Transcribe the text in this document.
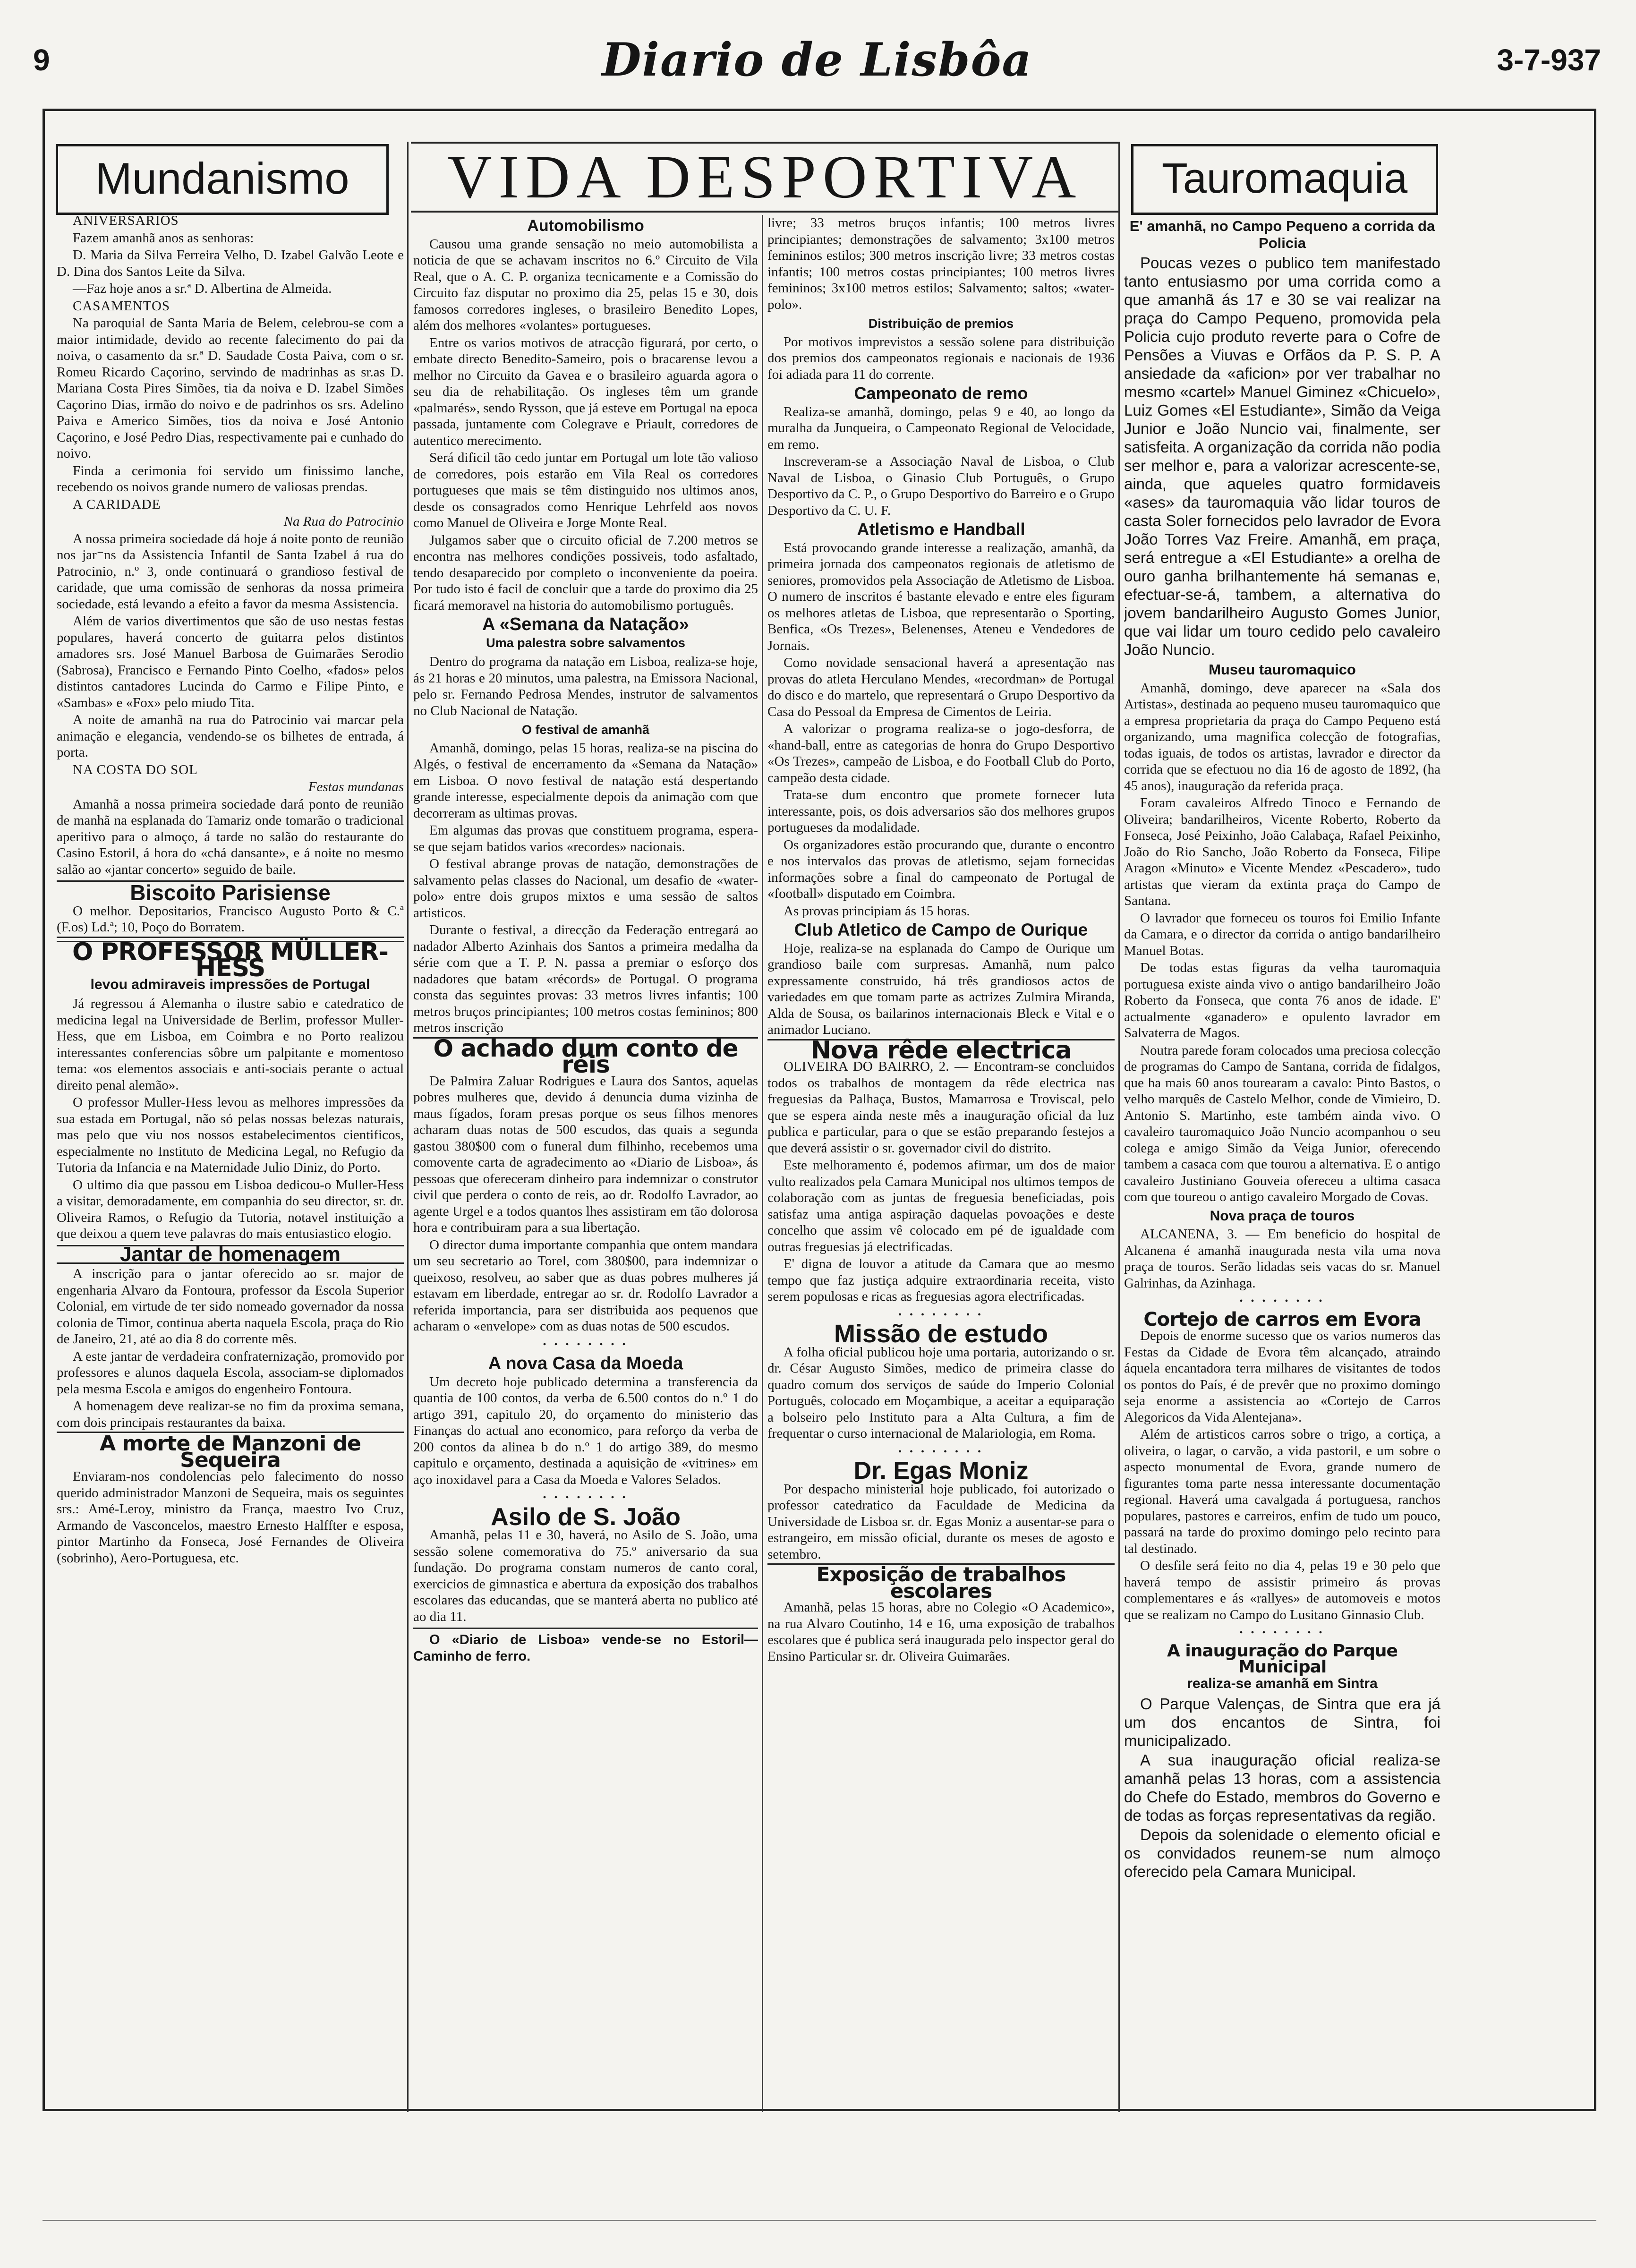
9	Diario de Lisbôa	3-7-937
Mundanismo	VIDA DESPORTIVA	Tauromaquia

ANIVERSARIOS

Fazem amanhã anos as senhoras:

D. Maria da Silva Ferreira Velho, D. Izabel Galvão Leote e D. Dina dos Santos Leite da Silva.

—Faz hoje anos a sr.ª D. Albertina de Almeida.

CASAMENTOS

Na paroquial de Santa Maria de Belem, celebrou-se com a maior intimidade, devido ao recente falecimento do pai da noiva, o casamento da sr.ª D. Saudade Costa Paiva, com o sr. Romeu Ricardo Caçorino, servindo de madrinhas as sr.as D. Mariana Costa Pires Simões, tia da noiva e D. Izabel Simões Caçorino Dias, irmão do noivo e de padrinhos os srs. Adelino Paiva e Americo Simões, tios da noiva e José Antonio Caçorino, e José Pedro Dias, respectivamente pai e cunhado do noivo.

Finda a cerimonia foi servido um finissimo lanche, recebendo os noivos grande numero de valiosas prendas.

A CARIDADE

Na Rua do Patrocinio

A nossa primeira sociedade dá hoje á noite ponto de reunião nos jar⁻ns da Assistencia Infantil de Santa Izabel á rua do Patrocinio, n.º 3, onde continuará o grandioso festival de caridade, que uma comissão de senhoras da nossa primeira sociedade, está levando a efeito a favor da mesma Assistencia.

Além de varios divertimentos que são de uso nestas festas populares, haverá concerto de guitarra pelos distintos amadores srs. José Manuel Barbosa de Guimarães Serodio (Sabrosa), Francisco e Fernando Pinto Coelho, «fados» pelos distintos cantadores Lucinda do Carmo e Filipe Pinto, e «Sambas» e «Fox» pelo miudo Tita.

A noite de amanhã na rua do Patrocinio vai marcar pela animação e elegancia, vendendo-se os bilhetes de entrada, á porta.

NA COSTA DO SOL

Festas mundanas

Amanhã a nossa primeira sociedade dará ponto de reunião de manhã na esplanada do Tamariz onde tomarão o tradicional aperitivo para o almoço, á tarde no salão do restaurante do Casino Estoril, á hora do «chá dansante», e á noite no mesmo salão ao «jantar concerto» seguido de baile.

Biscoito Parisiense

O melhor. Depositarios, Francisco Augusto Porto & C.ª (F.os) Ld.ª; 10, Poço do Borratem.

O PROFESSOR MÜLLER-HESS
levou admiraveis impressões de Portugal

Já regressou á Alemanha o ilustre sabio e catedratico de medicina legal na Universidade de Berlim, professor Muller-Hess, que em Lisboa, em Coimbra e no Porto realizou interessantes conferencias sôbre um palpitante e momentoso tema: «os elementos associais e anti-sociais perante o actual direito penal alemão».

O professor Muller-Hess levou as melhores impressões da sua estada em Portugal, não só pelas nossas belezas naturais, mas pelo que viu nos nossos estabelecimentos cientificos, especialmente no Instituto de Medicina Legal, no Refugio da Tutoria da Infancia e na Maternidade Julio Diniz, do Porto.

O ultimo dia que passou em Lisboa dedicou-o Muller-Hess a visitar, demoradamente, em companhia do seu director, sr. dr. Oliveira Ramos, o Refugio da Tutoria, notavel instituição a que deixou a quem teve palavras do mais entusiastico elogio.

Jantar de homenagem

A inscrição para o jantar oferecido ao sr. major de engenharia Alvaro da Fontoura, professor da Escola Superior Colonial, em virtude de ter sido nomeado governador da nossa colonia de Timor, continua aberta naquela Escola, praça do Rio de Janeiro, 21, até ao dia 8 do corrente mês.

A este jantar de verdadeira confraternização, promovido por professores e alunos daquela Escola, associam-se diplomados pela mesma Escola e amigos do engenheiro Fontoura.

A homenagem deve realizar-se no fim da proxima semana, com dois principais restaurantes da baixa.

A morte de Manzoni de Sequeira

Enviaram-nos condolencias pelo falecimento do nosso querido administrador Manzoni de Sequeira, mais os seguintes srs.: Amé-Leroy, ministro da França, maestro Ivo Cruz, Armando de Vasconcelos, maestro Ernesto Halffter e esposa, pintor Martinho da Fonseca, José Fernandes de Oliveira (sobrinho), Aero-Portuguesa, etc.

Automobilismo

Causou uma grande sensação no meio automobilista a noticia de que se achavam inscritos no 6.º Circuito de Vila Real, que o A. C. P. organiza tecnicamente e a Comissão do Circuito faz disputar no proximo dia 25, pelas 15 e 30, dois famosos corredores ingleses, o brasileiro Benedito Lopes, além dos melhores «volantes» portugueses.

Entre os varios motivos de atracção figurará, por certo, o embate directo Benedito-Sameiro, pois o bracarense levou a melhor no Circuito da Gavea e o brasileiro aguarda agora o seu dia de rehabilitação. Os ingleses têm um grande «palmarés», sendo Rysson, que já esteve em Portugal na epoca passada, juntamente com Colegrave e Priault, corredores de autentico merecimento.

Será dificil tão cedo juntar em Portugal um lote tão valioso de corredores, pois estarão em Vila Real os corredores portugueses que mais se têm distinguido nos ultimos anos, desde os consagrados como Henrique Lehrfeld aos novos como Manuel de Oliveira e Jorge Monte Real.

Julgamos saber que o circuito oficial de 7.200 metros se encontra nas melhores condições possiveis, todo asfaltado, tendo desaparecido por completo o inconveniente da poeira. Por tudo isto é facil de concluir que a tarde do proximo dia 25 ficará memoravel na historia do automobilismo português.

A «Semana da Natação»
Uma palestra sobre salvamentos

Dentro do programa da natação em Lisboa, realiza-se hoje, ás 21 horas e 20 minutos, uma palestra, na Emissora Nacional, pelo sr. Fernando Pedrosa Mendes, instrutor de salvamentos no Club Nacional de Natação.

O festival de amanhã

Amanhã, domingo, pelas 15 horas, realiza-se na piscina do Algés, o festival de encerramento da «Semana da Natação» em Lisboa. O novo festival de natação está despertando grande interesse, especialmente depois da animação com que decorreram as ultimas provas.

Em algumas das provas que constituem programa, espera-se que sejam batidos varios «recordes» nacionais.

O festival abrange provas de natação, demonstrações de salvamento pelas classes do Nacional, um desafio de «water-polo» entre dois grupos mixtos e uma sessão de saltos artisticos.

Durante o festival, a direcção da Federação entregará ao nadador Alberto Azinhais dos Santos a primeira medalha da série com que a T. P. N. passa a premiar o esforço dos nadadores que batam «récords» de Portugal. O programa consta das seguintes provas: 33 metros livres infantis; 100 metros bruços principiantes; 100 metros costas femininos; 800 metros inscrição

O achado dum conto de réis

De Palmira Zaluar Rodrigues e Laura dos Santos, aquelas pobres mulheres que, devido á denuncia duma vizinha de maus fígados, foram presas porque os seus filhos menores acharam duas notas de 500 escudos, das quais a segunda gastou 380$00 com o funeral dum filhinho, recebemos uma comovente carta de agradecimento ao «Diario de Lisboa», ás pessoas que ofereceram dinheiro para indemnizar o construtor civil que perdera o conto de reis, ao dr. Rodolfo Lavrador, ao agente Urgel e a todos quantos lhes assistiram em tão dolorosa hora e contribuiram para a sua libertação.

O director duma importante companhia que ontem mandara um seu secretario ao Torel, com 380$00, para indemnizar o queixoso, resolveu, ao saber que as duas pobres mulheres já estavam em liberdade, entregar ao sr. dr. Rodolfo Lavrador a referida importancia, para ser distribuida aos pequenos que acharam o «envelope» com as duas notas de 500 escudos.

• • • • • • • •
A nova Casa da Moeda

Um decreto hoje publicado determina a transferencia da quantia de 100 contos, da verba de 6.500 contos do n.º 1 do artigo 391, capitulo 20, do orçamento do ministerio das Finanças do actual ano economico, para reforço da verba de 200 contos da alinea b do n.º 1 do artigo 389, do mesmo capitulo e orçamento, destinada a aquisição de «vitrines» em aço inoxidavel para a Casa da Moeda e Valores Selados.

• • • • • • • •
Asilo de S. João

Amanhã, pelas 11 e 30, haverá, no Asilo de S. João, uma sessão solene comemorativa do 75.º aniversario da sua fundação. Do programa constam numeros de canto coral, exercicios de gimnastica e abertura da exposição dos trabalhos escolares das educandas, que se manterá aberta no publico até ao dia 11.

O «Diario de Lisboa» vende-se no Estoril—Caminho de ferro.

livre; 33 metros bruços infantis; 100 metros livres principiantes; demonstrações de salvamento; 3x100 metros femininos estilos; 300 metros inscrição livre; 33 metros costas infantis; 100 metros costas principiantes; 100 metros livres femininos; 3x100 metros estilos; Salvamento; saltos; «water-polo».

Distribuição de premios

Por motivos imprevistos a sessão solene para distribuição dos premios dos campeonatos regionais e nacionais de 1936 foi adiada para 11 do corrente.

Campeonato de remo

Realiza-se amanhã, domingo, pelas 9 e 40, ao longo da muralha da Junqueira, o Campeonato Regional de Velocidade, em remo.

Inscreveram-se a Associação Naval de Lisboa, o Club Naval de Lisboa, o Ginasio Club Português, o Grupo Desportivo da C. P., o Grupo Desportivo do Barreiro e o Grupo Desportivo da C. U. F.

Atletismo e Handball

Está provocando grande interesse a realização, amanhã, da primeira jornada dos campeonatos regionais de atletismo de seniores, promovidos pela Associação de Atletismo de Lisboa. O numero de inscritos é bastante elevado e entre eles figuram os melhores atletas de Lisboa, que representarão o Sporting, Benfica, «Os Trezes», Belenenses, Ateneu e Vendedores de Jornais.

Como novidade sensacional haverá a apresentação nas provas do atleta Herculano Mendes, «recordman» de Portugal do disco e do martelo, que representará o Grupo Desportivo da Casa do Pessoal da Empresa de Cimentos de Leiria.

A valorizar o programa realiza-se o jogo-desforra, de «hand-ball, entre as categorias de honra do Grupo Desportivo «Os Trezes», campeão de Lisboa, e do Football Club do Porto, campeão desta cidade.

Trata-se dum encontro que promete fornecer luta interessante, pois, os dois adversarios são dos melhores grupos portugueses da modalidade.

Os organizadores estão procurando que, durante o encontro e nos intervalos das provas de atletismo, sejam fornecidas informações sobre a final do campeonato de Portugal de «football» disputado em Coimbra.

As provas principiam ás 15 horas.

Club Atletico de Campo de Ourique

Hoje, realiza-se na esplanada do Campo de Ourique um grandioso baile com surpresas. Amanhã, num palco expressamente construido, há três grandiosos actos de variedades em que tomam parte as actrizes Zulmira Miranda, Alda de Sousa, os bailarinos internacionais Bleck e Vital e o animador Luciano.

Nova rêde electrica

OLIVEIRA DO BAIRRO, 2. — Encontram-se concluidos todos os trabalhos de montagem da rêde electrica nas freguesias da Palhaça, Bustos, Mamarrosa e Troviscal, pelo que se espera ainda neste mês a inauguração oficial da luz publica e particular, para o que se estão preparando festejos a que deverá assistir o sr. governador civil do distrito.

Este melhoramento é, podemos afirmar, um dos de maior vulto realizados pela Camara Municipal nos ultimos tempos de colaboração com as juntas de freguesia beneficiadas, pois satisfaz uma antiga aspiração daquelas povoações e deste concelho que assim vê colocado em pé de igualdade com outras freguesias já electrificadas.

E' digna de louvor a atitude da Camara que ao mesmo tempo que faz justiça adquire extraordinaria receita, visto serem populosas e ricas as freguesias agora electrificadas.

• • • • • • • •
Missão de estudo

A folha oficial publicou hoje uma portaria, autorizando o sr. dr. César Augusto Simões, medico de primeira classe do quadro comum dos serviços de saúde do Imperio Colonial Português, colocado em Moçambique, a aceitar a equiparação a bolseiro pelo Instituto para a Alta Cultura, a fim de frequentar o curso internacional de Malariologia, em Roma.

• • • • • • • •
Dr. Egas Moniz

Por despacho ministerial hoje publicado, foi autorizado o professor catedratico da Faculdade de Medicina da Universidade de Lisboa sr. dr. Egas Moniz a ausentar-se para o estrangeiro, em missão oficial, durante os meses de agosto e setembro.

Exposição de trabalhos escolares

Amanhã, pelas 15 horas, abre no Colegio «O Academico», na rua Alvaro Coutinho, 14 e 16, uma exposição de trabalhos escolares que é publica será inaugurada pelo inspector geral do Ensino Particular sr. dr. Oliveira Guimarães.

E' amanhã, no Campo Pequeno a corrida da Policia

Poucas vezes o publico tem manifestado tanto entusiasmo por uma corrida como a que amanhã ás 17 e 30 se vai realizar na praça do Campo Pequeno, promovida pela Policia cujo produto reverte para o Cofre de Pensões a Viuvas e Orfãos da P. S. P. A ansiedade da «aficion» por ver trabalhar no mesmo «cartel» Manuel Giminez «Chicuelo», Luiz Gomes «El Estudiante», Simão da Veiga Junior e João Nuncio vai, finalmente, ser satisfeita. A organização da corrida não podia ser melhor e, para a valorizar acrescente-se, ainda, que aqueles quatro formidaveis «ases» da tauromaquia vão lidar touros de casta Soler fornecidos pelo lavrador de Evora João Torres Vaz Freire. Amanhã, em praça, será entregue a «El Estudiante» a orelha de ouro ganha brilhantemente há semanas e, efectuar-se-á, tambem, a alternativa do jovem bandarilheiro Augusto Gomes Junior, que vai lidar um touro cedido pelo cavaleiro João Nuncio.

Museu tauromaquico

Amanhã, domingo, deve aparecer na «Sala dos Artistas», destinada ao pequeno museu tauromaquico que a empresa proprietaria da praça do Campo Pequeno está organizando, uma magnifica colecção de fotografias, todas iguais, de todos os artistas, lavrador e director da corrida que se efectuou no dia 16 de agosto de 1892, (ha 45 anos), inauguração da referida praça.

Foram cavaleiros Alfredo Tinoco e Fernando de Oliveira; bandarilheiros, Vicente Roberto, Roberto da Fonseca, José Peixinho, João Calabaça, Rafael Peixinho, João do Rio Sancho, João Roberto da Fonseca, Filipe Aragon «Minuto» e Vicente Mendez «Pescadero», tudo artistas que vieram da extinta praça do Campo de Santana.

O lavrador que forneceu os touros foi Emilio Infante da Camara, e o director da corrida o antigo bandarilheiro Manuel Botas.

De todas estas figuras da velha tauromaquia portuguesa existe ainda vivo o antigo bandarilheiro João Roberto da Fonseca, que conta 76 anos de idade. E' actualmente «ganadero» e opulento lavrador em Salvaterra de Magos.

Noutra parede foram colocados uma preciosa colecção de programas do Campo de Santana, corrida de fidalgos, que ha mais 60 anos tourearam a cavalo: Pinto Bastos, o velho marquês de Castelo Melhor, conde de Vimieiro, D. Antonio S. Martinho, este também ainda vivo. O cavaleiro tauromaquico João Nuncio acompanhou o seu colega e amigo Simão da Veiga Junior, oferecendo tambem a casaca com que tourou a alternativa. E o antigo cavaleiro Justiniano Gouveia ofereceu a ultima casaca com que toureou o antigo cavaleiro Morgado de Covas.

Nova praça de touros

ALCANENA, 3. — Em beneficio do hospital de Alcanena é amanhã inaugurada nesta vila uma nova praça de touros. Serão lidadas seis vacas do sr. Manuel Galrinhas, da Azinhaga.

• • • • • • • •
Cortejo de carros em Evora

Depois de enorme sucesso que os varios numeros das Festas da Cidade de Evora têm alcançado, atraindo áquela encantadora terra milhares de visitantes de todos os pontos do País, é de prevêr que no proximo domingo seja enorme a assistencia ao «Cortejo de Carros Alegoricos da Vida Alentejana».

Além de artisticos carros sobre o trigo, a cortiça, a oliveira, o lagar, o carvão, a vida pastoril, e um sobre o aspecto monumental de Evora, grande numero de figurantes toma parte nessa interessante documentação regional. Haverá uma cavalgada á portuguesa, ranchos populares, pastores e carreiros, enfim de tudo um pouco, passará na tarde do proximo domingo pelo recinto para tal destinado.

O desfile será feito no dia 4, pelas 19 e 30 pelo que haverá tempo de assistir primeiro ás provas complementares e ás «rallyes» de automoveis e motos que se realizam no Campo do Lusitano Ginnasio Club.

• • • • • • • •
A inauguração do Parque Municipal
realiza-se amanhã em Sintra

O Parque Valenças, de Sintra que era já um dos encantos de Sintra, foi municipalizado.

A sua inauguração oficial realiza-se amanhã pelas 13 horas, com a assistencia do Chefe do Estado, membros do Governo e de todas as forças representativas da região.

Depois da solenidade o elemento oficial e os convidados reunem-se num almoço oferecido pela Camara Municipal.
